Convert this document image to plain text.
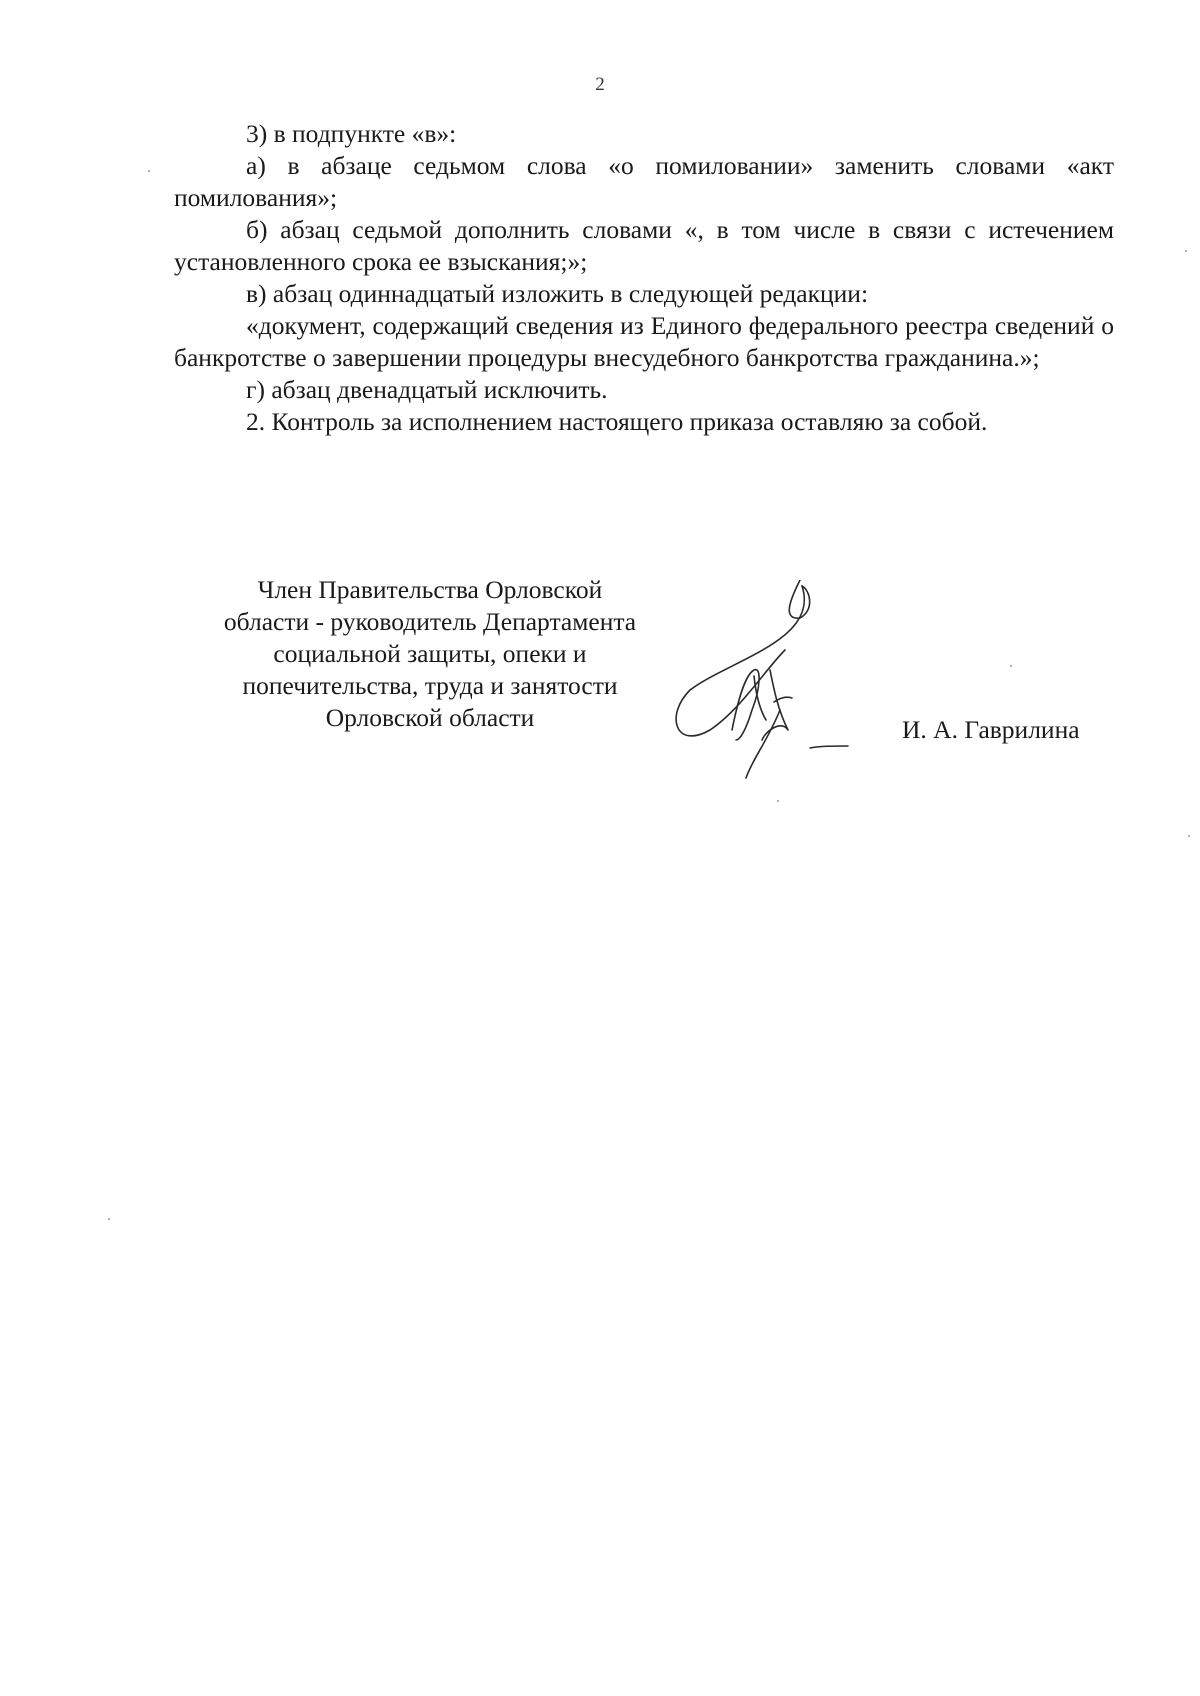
2

3) в подпункте «в»:

а) в абзаце седьмом слова «о помиловании» заменить словами «акт помилования»;

б) абзац седьмой дополнить словами «, в том числе в связи с истечением установленного срока ее взыскания;»;

в) абзац одиннадцатый изложить в следующей редакции:

«документ, содержащий сведения из Единого федерального реестра сведений о банкротстве о завершении процедуры внесудебного банкротства гражданина.»;

г) абзац двенадцатый исключить.

2. Контроль за исполнением настоящего приказа оставляю за собой.

Член Правительства Орловской
области - руководитель Департамента
социальной защиты, опеки и
попечительства, труда и занятости
Орловской области	И. А. Гаврилина
